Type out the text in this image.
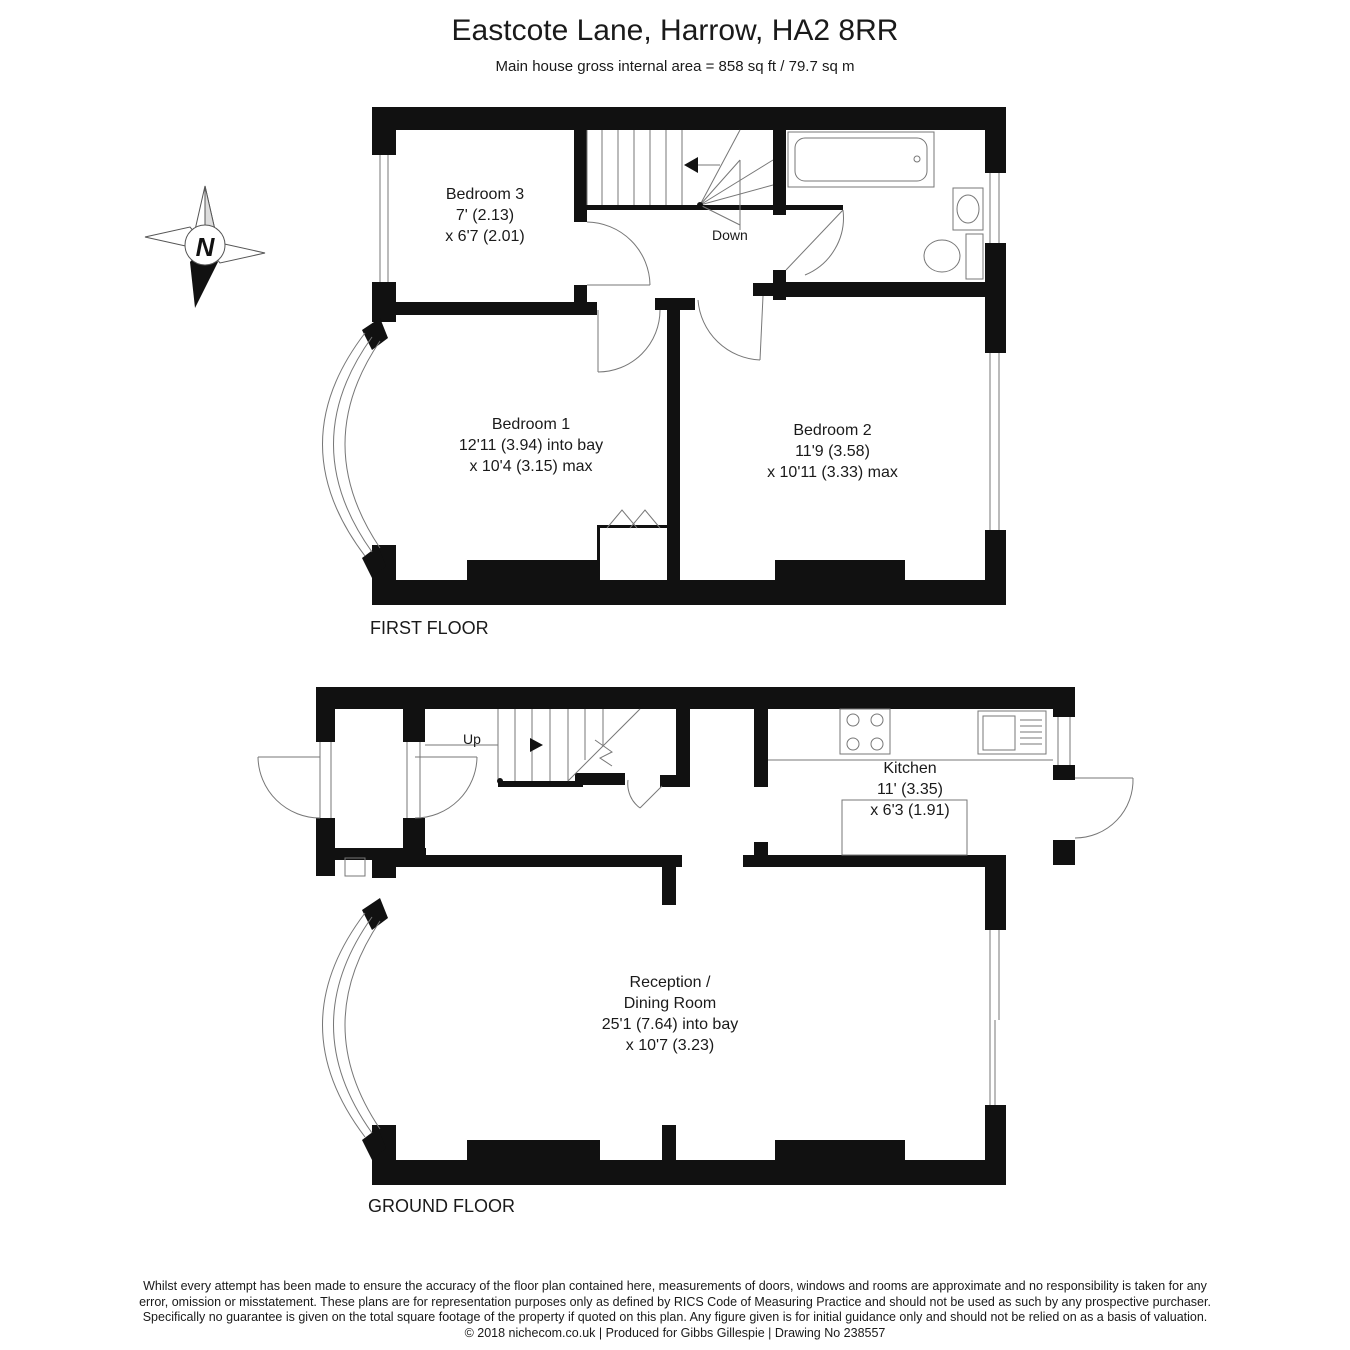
Eastcote Lane, Harrow, HA2 8RR
Main house gross internal area = 858 sq ft / 79.7 sq m
N
Bedroom 3
7' (2.13)
x 6'7 (2.01)	Down
Bedroom 1
12'11 (3.94) into bay
x 10'4 (3.15) max
Bedroom 2
11'9 (3.58)
x 10'11 (3.33) max
FIRST FLOOR
Up
Kitchen
11' (3.35)
x 6'3 (1.91)
Reception /
Dining Room
25'1 (7.64) into bay
x 10'7 (3.23)
GROUND FLOOR
Whilst every attempt has been made to ensure the accuracy of the floor plan contained here, measurements of doors, windows and rooms are approximate and no responsibility is taken for any
error, omission or misstatement. These plans are for representation purposes only as defined by RICS Code of Measuring Practice and should not be used as such by any prospective purchaser.
Specifically no guarantee is given on the total square footage of the property if quoted on this plan. Any figure given is for initial guidance only and should not be relied on as a basis of valuation.
© 2018 nichecom.co.uk | Produced for Gibbs Gillespie | Drawing No 238557
